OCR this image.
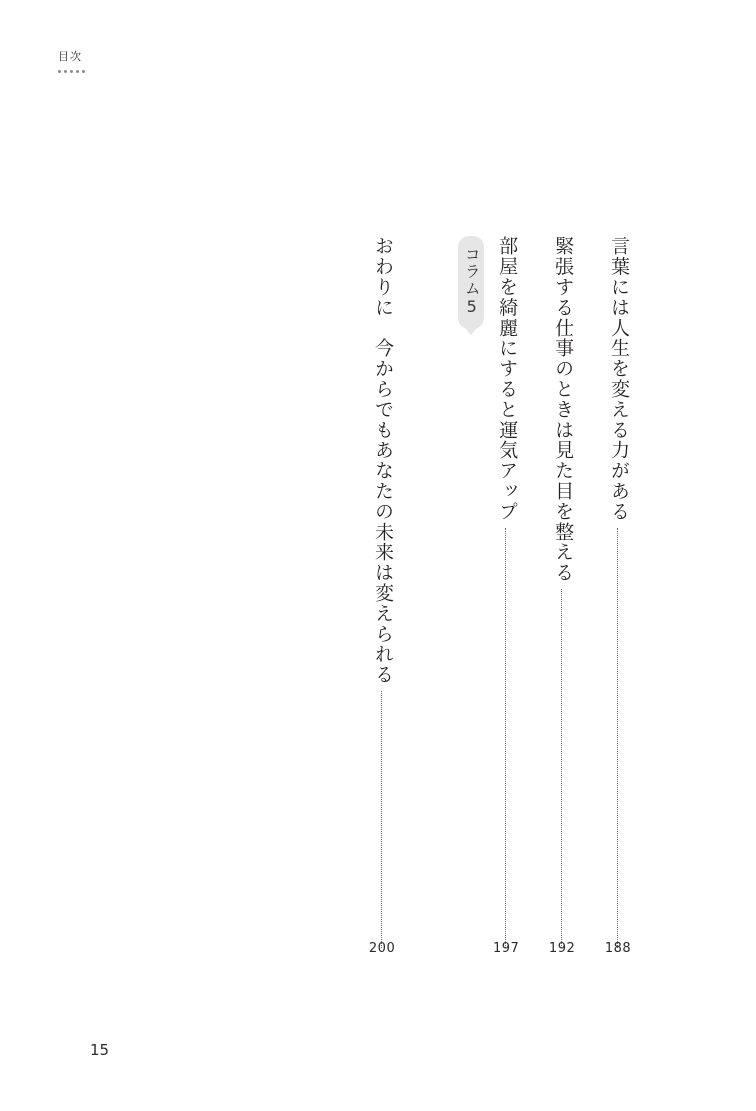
目次
言葉には人生を変える力がある
188
緊張する仕事のときは見た目を整える
192
部屋を綺麗にすると運気アップ
197
コラム5
おわりに　今からでもあなたの未来は変えられる
200
15
